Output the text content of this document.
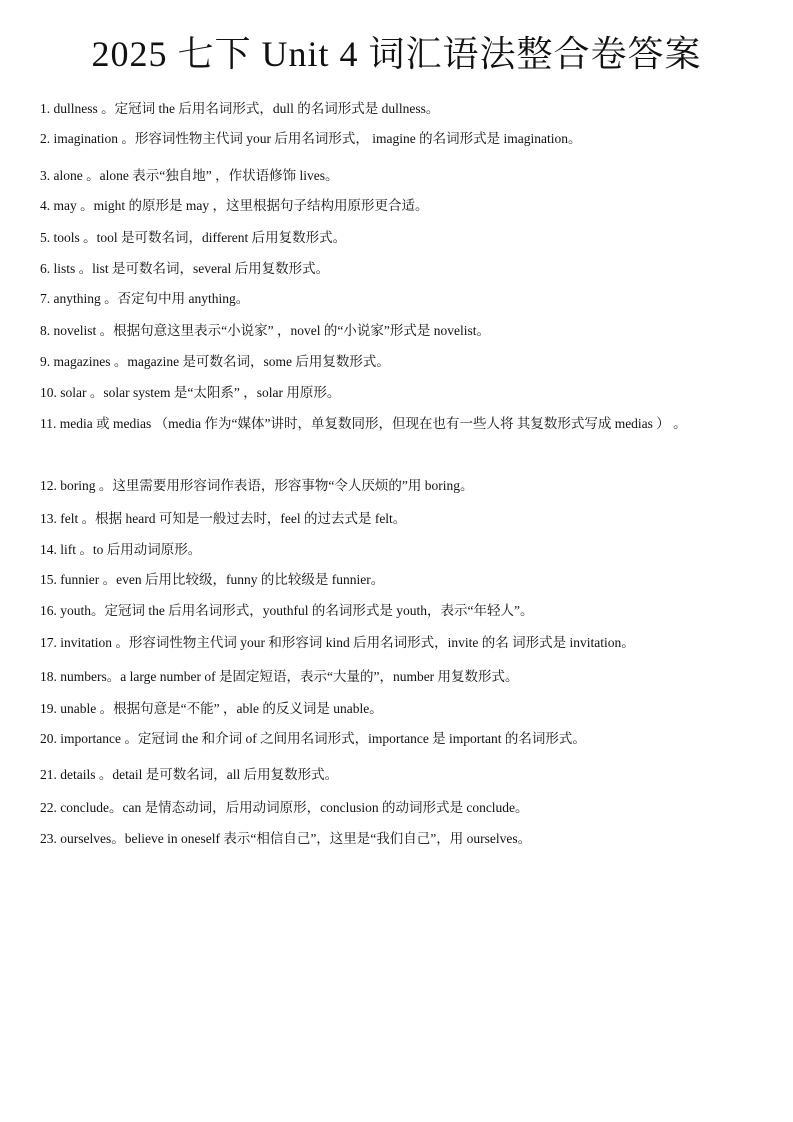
2025 七下 Unit 4 词汇语法整合卷答案
1. dullness 。定冠词 the 后用名词形式，dull 的名词形式是 dullness。
2. imagination 。形容词性物主代词 your 后用名词形式， imagine 的名词形式是 imagination。
3. alone 。alone 表示“独自地” ，作状语修饰 lives。
4. may 。might 的原形是 may ，这里根据句子结构用原形更合适。
5. tools 。tool 是可数名词，different 后用复数形式。
6. lists 。list 是可数名词，several 后用复数形式。
7. anything 。否定句中用 anything。
8. novelist 。根据句意这里表示“小说家” ，novel 的“小说家”形式是 novelist。
9. magazines 。magazine 是可数名词，some 后用复数形式。
10. solar 。solar system 是“太阳系” ，solar 用原形。
11. media 或 medias （media 作为“媒体”讲时，单复数同形，但现在也有一些人将 其复数形式写成 medias ） 。
12. boring 。这里需要用形容词作表语，形容事物“令人厌烦的”用 boring。
13. felt 。根据 heard 可知是一般过去时，feel 的过去式是 felt。
14. lift 。to 后用动词原形。
15. funnier 。even 后用比较级，funny 的比较级是 funnier。
16. youth。定冠词 the 后用名词形式，youthful 的名词形式是 youth，表示“年轻人”。
17. invitation 。形容词性物主代词 your 和形容词 kind 后用名词形式，invite 的名 词形式是 invitation。
18. numbers。a large number of 是固定短语，表示“大量的”，number 用复数形式。
19. unable 。根据句意是“不能” ，able 的反义词是 unable。
20. importance 。定冠词 the 和介词 of 之间用名词形式，importance 是 important 的名词形式。
21. details 。detail 是可数名词，all 后用复数形式。
22. conclude。can 是情态动词，后用动词原形，conclusion 的动词形式是 conclude。
23. ourselves。believe in oneself 表示“相信自己”，这里是“我们自己”，用 ourselves。
